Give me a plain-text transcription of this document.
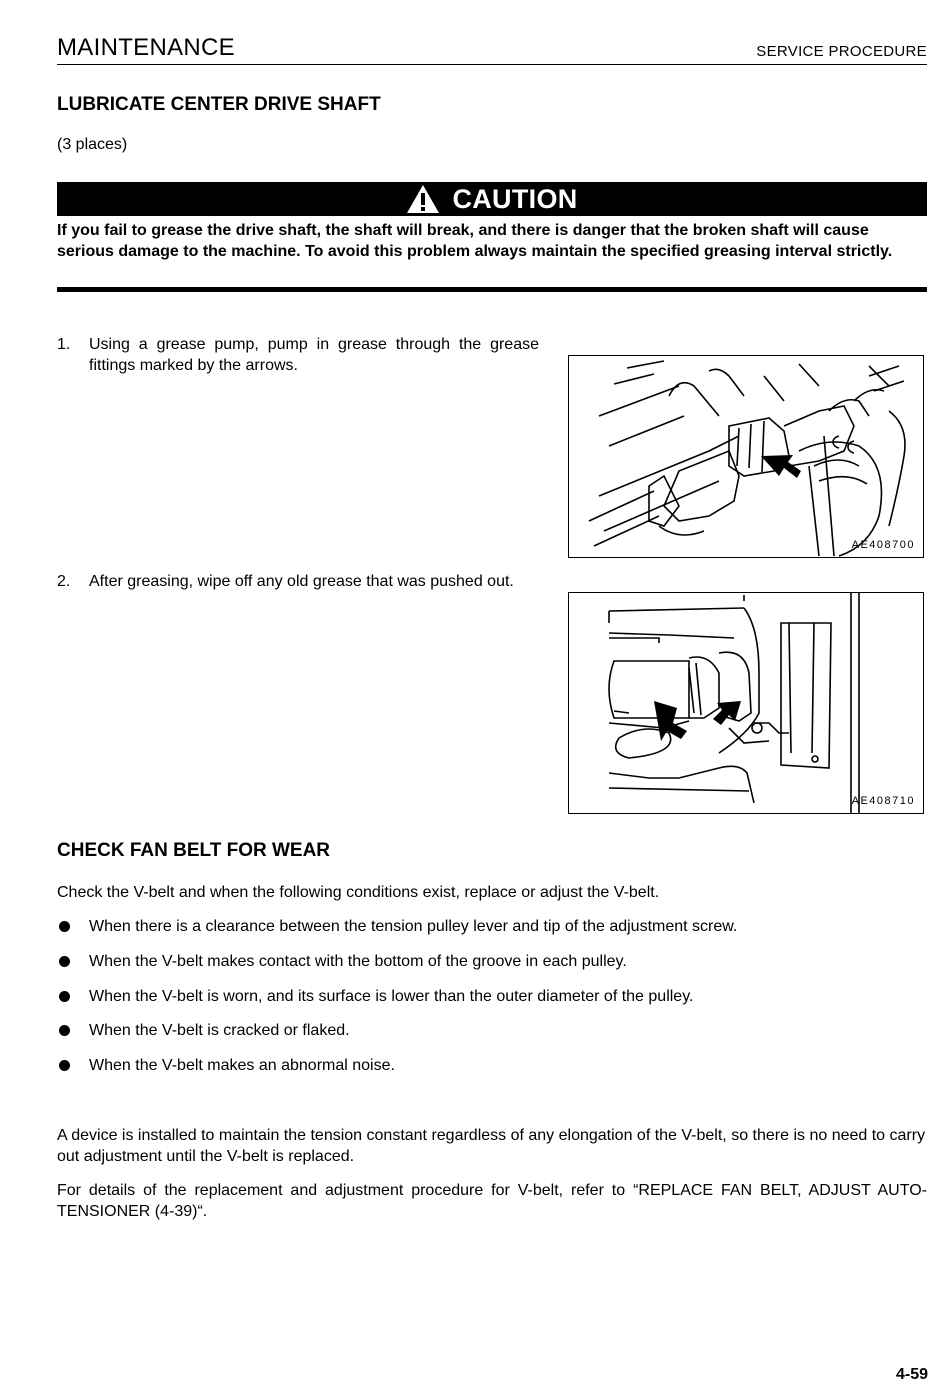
MAINTENANCE	SERVICE PROCEDURE
LUBRICATE CENTER DRIVE SHAFT
(3 places)
CAUTION
If you fail to grease the drive shaft, the shaft will break, and there is danger that the broken shaft will cause serious damage to the machine. To avoid this problem always maintain the specified greasing interval strictly.
1. Using a grease pump, pump in grease through the grease fittings marked by the arrows.
AE408700
2. After greasing, wipe off any old grease that was pushed out.
AE408710
CHECK FAN BELT FOR WEAR
Check the V-belt and when the following conditions exist, replace or adjust the V-belt.
When there is a clearance between the tension pulley lever and tip of the adjustment screw.
When the V-belt makes contact with the bottom of the groove in each pulley.
When the V-belt is worn, and its surface is lower than the outer diameter of the pulley.
When the V-belt is cracked or flaked.
When the V-belt makes an abnormal noise.
A device is installed to maintain the tension constant regardless of any elongation of the V-belt, so there is no need to carry out adjustment until the V-belt is replaced.
For details of the replacement and adjustment procedure for V-belt, refer to “REPLACE FAN BELT, ADJUST AUTO-TENSIONER (4-39)“.
4-59
